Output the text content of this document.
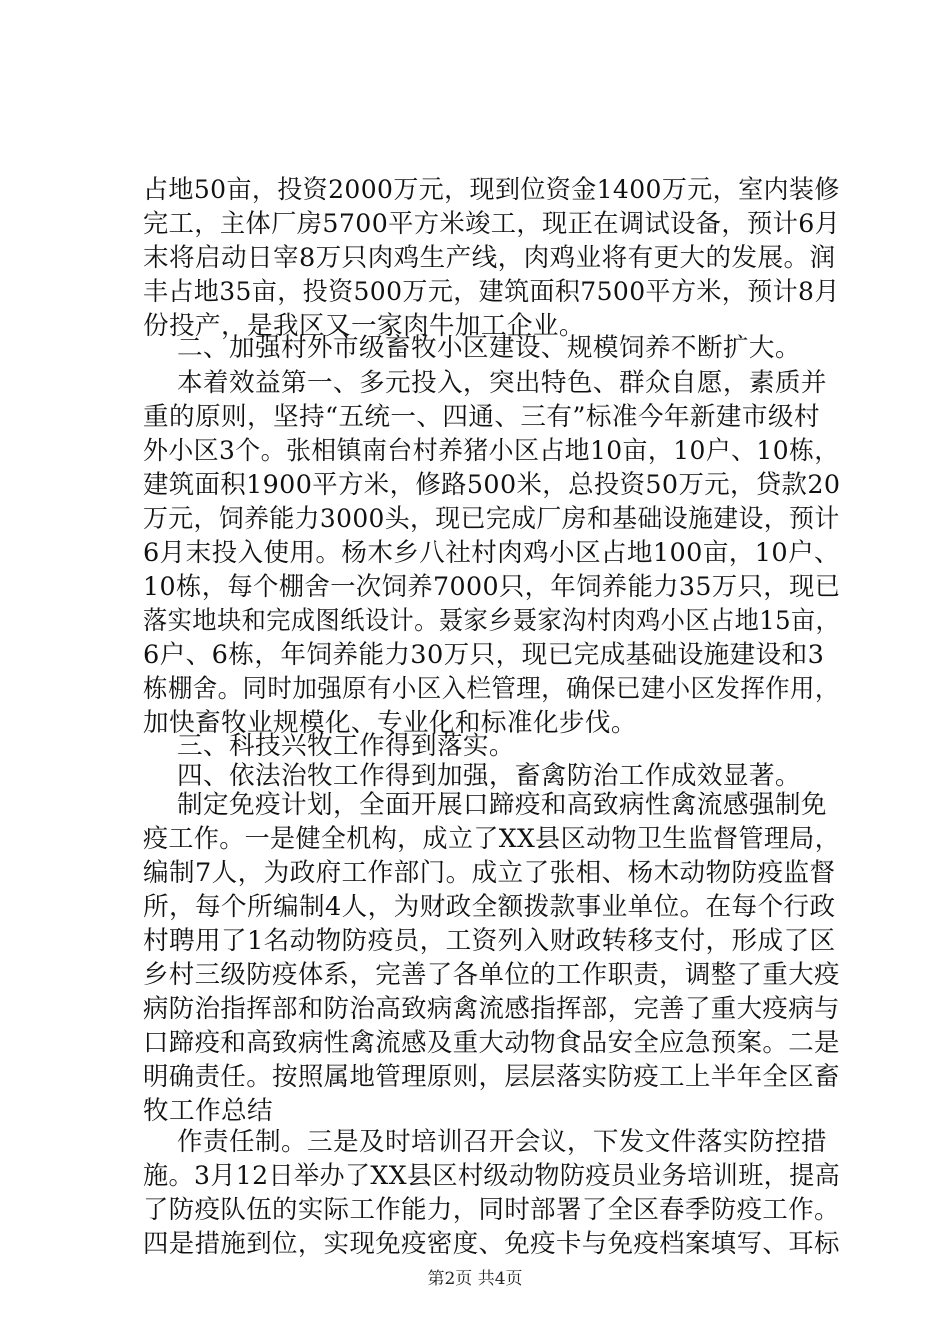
占地50亩，投资2000万元，现到位资金1400万元，室内装修
完工，主体厂房5700平方米竣工，现正在调试设备，预计6月
末将启动日宰8万只肉鸡生产线，肉鸡业将有更大的发展。润
丰占地35亩，投资500万元，建筑面积7500平方米，预计8月
份投产，是我区又一家肉牛加工企业。
二、加强村外市级畜牧小区建设、规模饲养不断扩大。
本着效益第一、多元投入，突出特色、群众自愿，素质并
重的原则，坚持“五统一、四通、三有”标准今年新建市级村
外小区3个。张相镇南台村养猪小区占地10亩，10户、10栋，
建筑面积1900平方米，修路500米，总投资50万元，贷款20
万元，饲养能力3000头，现已完成厂房和基础设施建设，预计
6月末投入使用。杨木乡八社村肉鸡小区占地100亩，10户、
10栋，每个棚舍一次饲养7000只，年饲养能力35万只，现已
落实地块和完成图纸设计。聂家乡聂家沟村肉鸡小区占地15亩，
6户、6栋，年饲养能力30万只，现已完成基础设施建设和3
栋棚舍。同时加强原有小区入栏管理，确保已建小区发挥作用，
加快畜牧业规模化、专业化和标准化步伐。
三、科技兴牧工作得到落实。
四、依法治牧工作得到加强，畜禽防治工作成效显著。
制定免疫计划，全面开展口蹄疫和高致病性禽流感强制免
疫工作。一是健全机构，成立了XX县区动物卫生监督管理局，
编制7人，为政府工作部门。成立了张相、杨木动物防疫监督
所，每个所编制4人，为财政全额拨款事业单位。在每个行政
村聘用了1名动物防疫员，工资列入财政转移支付，形成了区
乡村三级防疫体系，完善了各单位的工作职责，调整了重大疫
病防治指挥部和防治高致病禽流感指挥部，完善了重大疫病与
口蹄疫和高致病性禽流感及重大动物食品安全应急预案。二是
明确责任。按照属地管理原则，层层落实防疫工上半年全区畜
牧工作总结
作责任制。三是及时培训召开会议，下发文件落实防控措
施。3月12日举办了XX县区村级动物防疫员业务培训班，提高
了防疫队伍的实际工作能力，同时部署了全区春季防疫工作。
四是措施到位，实现免疫密度、免疫卡与免疫档案填写、耳标
第2页 共4页
